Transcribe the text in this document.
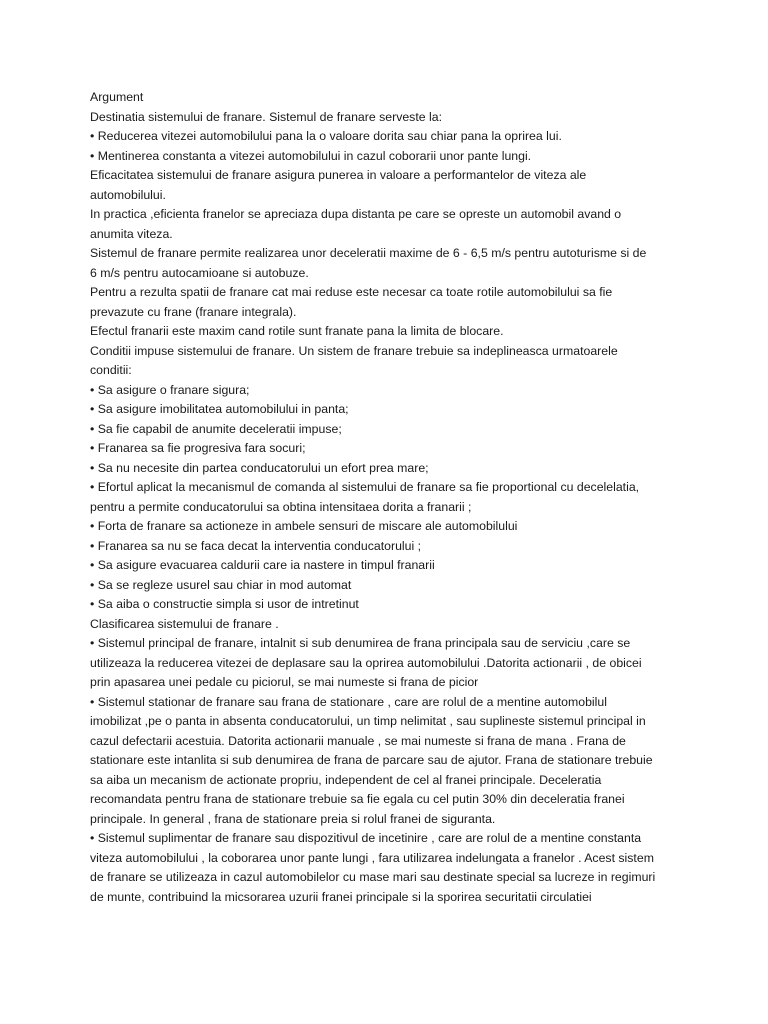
Argument
Destinatia sistemului de franare. Sistemul de franare serveste la:
• Reducerea vitezei automobilului pana la o valoare dorita sau chiar pana la oprirea lui.
• Mentinerea constanta a vitezei automobilului in cazul coborarii unor pante lungi.
Eficacitatea sistemului de franare asigura punerea in valoare a performantelor de viteza ale
automobilului.
In practica ,eficienta franelor se apreciaza dupa distanta pe care se opreste un automobil avand o
anumita viteza.
Sistemul de franare permite realizarea unor deceleratii maxime de 6 - 6,5 m/s pentru autoturisme si de
6 m/s pentru autocamioane si autobuze.
Pentru a rezulta spatii de franare cat mai reduse este necesar ca toate rotile automobilului sa fie
prevazute cu frane (franare integrala).
Efectul franarii este maxim cand rotile sunt franate pana la limita de blocare.
Conditii impuse sistemului de franare. Un sistem de franare trebuie sa indeplineasca urmatoarele
conditii:
• Sa asigure o franare sigura;
• Sa asigure imobilitatea automobilului in panta;
• Sa fie capabil de anumite deceleratii impuse;
• Franarea sa fie progresiva fara socuri;
• Sa nu necesite din partea conducatorului un efort prea mare;
• Efortul aplicat la mecanismul de comanda al sistemului de franare sa fie proportional cu decelelatia,
pentru a permite conducatorului sa obtina intensitaea dorita a franarii ;
• Forta de franare sa actioneze in ambele sensuri de miscare ale automobilului
• Franarea sa nu se faca decat la interventia conducatorului ;
• Sa asigure evacuarea caldurii care ia nastere in timpul franarii
• Sa se regleze usurel sau chiar in mod automat
• Sa aiba o constructie simpla si usor de intretinut
Clasificarea sistemului de franare .
• Sistemul principal de franare, intalnit si sub denumirea de frana principala sau de serviciu ,care se
utilizeaza la reducerea vitezei de deplasare sau la oprirea automobilului .Datorita actionarii , de obicei
prin apasarea unei pedale cu piciorul, se mai numeste si frana de picior
• Sistemul stationar de franare sau frana de stationare , care are rolul de a mentine automobilul
imobilizat ,pe o panta in absenta conducatorului, un timp nelimitat , sau suplineste sistemul principal in
cazul defectarii acestuia. Datorita actionarii manuale , se mai numeste si frana de mana . Frana de
stationare este intanlita si sub denumirea de frana de parcare sau de ajutor. Frana de stationare trebuie
sa aiba un mecanism de actionate propriu, independent de cel al franei principale. Deceleratia
recomandata pentru frana de stationare trebuie sa fie egala cu cel putin 30% din deceleratia franei
principale. In general , frana de stationare preia si rolul franei de siguranta.
• Sistemul suplimentar de franare sau dispozitivul de incetinire , care are rolul de a mentine constanta
viteza automobilului , la coborarea unor pante lungi , fara utilizarea indelungata a franelor . Acest sistem
de franare se utilizeaza in cazul automobilelor cu mase mari sau destinate special sa lucreze in regimuri
de munte, contribuind la micsorarea uzurii franei principale si la sporirea securitatii circulatiei
